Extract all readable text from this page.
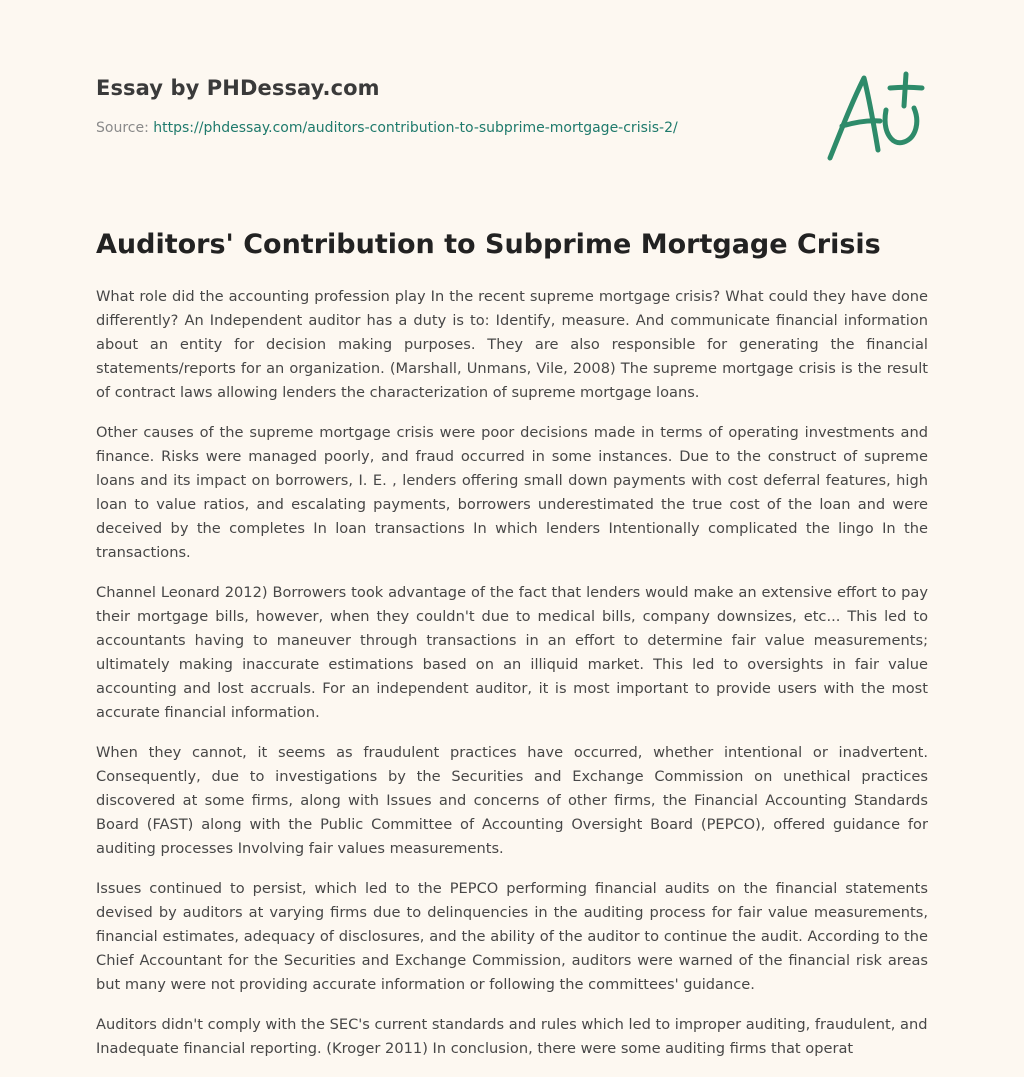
Essay by PHDessay.com
Source: https://phdessay.com/auditors-contribution-to-subprime-mortgage-crisis-2/
Auditors' Contribution to Subprime Mortgage Crisis

What role did the accounting profession play In the recent supreme mortgage crisis? What could they have done differently? An Independent auditor has a duty is to: Identify, measure. And communicate financial information about an entity for decision making purposes. They are also responsible for generating the financial statements/reports for an organization. (Marshall, Unmans, Vile, 2008) The supreme mortgage crisis is the result of contract laws allowing lenders the characterization of supreme mortgage loans.

Other causes of the supreme mortgage crisis were poor decisions made in terms of operating investments and finance. Risks were managed poorly, and fraud occurred in some instances. Due to the construct of supreme loans and its impact on borrowers, I. E. , lenders offering small down payments with cost deferral features, high loan to value ratios, and escalating payments, borrowers underestimated the true cost of the loan and were deceived by the completes In loan transactions In which lenders Intentionally complicated the lingo In the transactions.

Channel Leonard 2012) Borrowers took advantage of the fact that lenders would make an extensive effort to pay their mortgage bills, however, when they couldn't due to medical bills, company downsizes, etc... This led to accountants having to maneuver through transactions in an effort to determine fair value measurements; ultimately making inaccurate estimations based on an illiquid market. This led to oversights in fair value accounting and lost accruals. For an independent auditor, it is most important to provide users with the most accurate financial information.

When they cannot, it seems as fraudulent practices have occurred, whether intentional or inadvertent. Consequently, due to investigations by the Securities and Exchange Commission on unethical practices discovered at some firms, along with Issues and concerns of other firms, the Financial Accounting Standards Board (FAST) along with the Public Committee of Accounting Oversight Board (PEPCO), offered guidance for auditing processes Involving fair values measurements.

Issues continued to persist, which led to the PEPCO performing financial audits on the financial statements devised by auditors at varying firms due to delinquencies in the auditing process for fair value measurements, financial estimates, adequacy of disclosures, and the ability of the auditor to continue the audit. According to the Chief Accountant for the Securities and Exchange Commission, auditors were warned of the financial risk areas but many were not providing accurate information or following the committees' guidance.

Auditors didn't comply with the SEC's current standards and rules which led to improper auditing, fraudulent, and Inadequate financial reporting. (Kroger 2011) In conclusion, there were some auditing firms that operat
